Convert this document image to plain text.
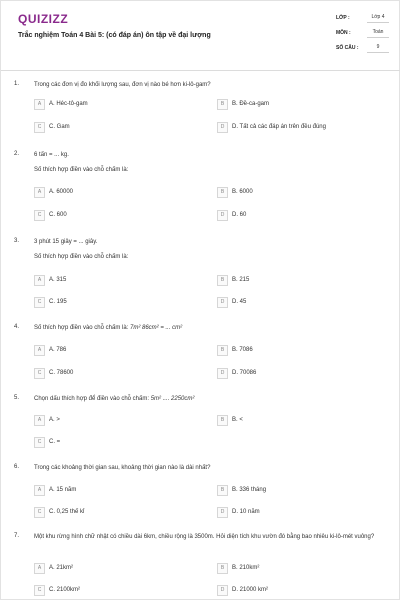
QUIZIZZ
Trắc nghiệm Toán 4 Bài 5: (có đáp án) ôn tập về đại lượng
LỚP :	Lớp 4
MÔN :	Toán
SỐ CÂU :	9
1. Trong các đơn vị đo khối lượng sau, đơn vị nào bé hơn ki-lô-gam?
A	A. Héc-tô-gam	B	B. Đề-ca-gam
C	C. Gam	D	D. Tất cả các đáp án trên đều đúng
2. 6 tấn = ... kg.
Số thích hợp điền vào chỗ chấm là:
A	A. 60000	B	B. 6000
C	C. 600	D	D. 60
3. 3 phút 15 giây = ... giây.
Số thích hợp điền vào chỗ chấm là:
A	A. 315	B	B. 215
C	C. 195	D	D. 45
4. Số thích hợp điền vào chỗ chấm là: 7m² 86cm² = ... cm²
A	A. 786	B	B. 7086
C	C. 78600	D	D. 70086
5. Chọn dấu thích hợp để điền vào chỗ chấm: 5m² .... 2250cm²
A	A. >	B	B. <
C	C. =
6. Trong các khoảng thời gian sau, khoảng thời gian nào là dài nhất?
A	A. 15 năm	B	B. 336 tháng
C	C. 0,25 thế kỉ	D	D. 10 năm
7. Một khu rừng hình chữ nhật có chiều dài 6km, chiều rộng là 3500m. Hỏi diện tích khu vườn đó bằng bao nhiêu ki-lô-mét vuông?
A	A. 21km²	B	B. 210km²
C	C. 2100km²	D	D. 21000 km²
